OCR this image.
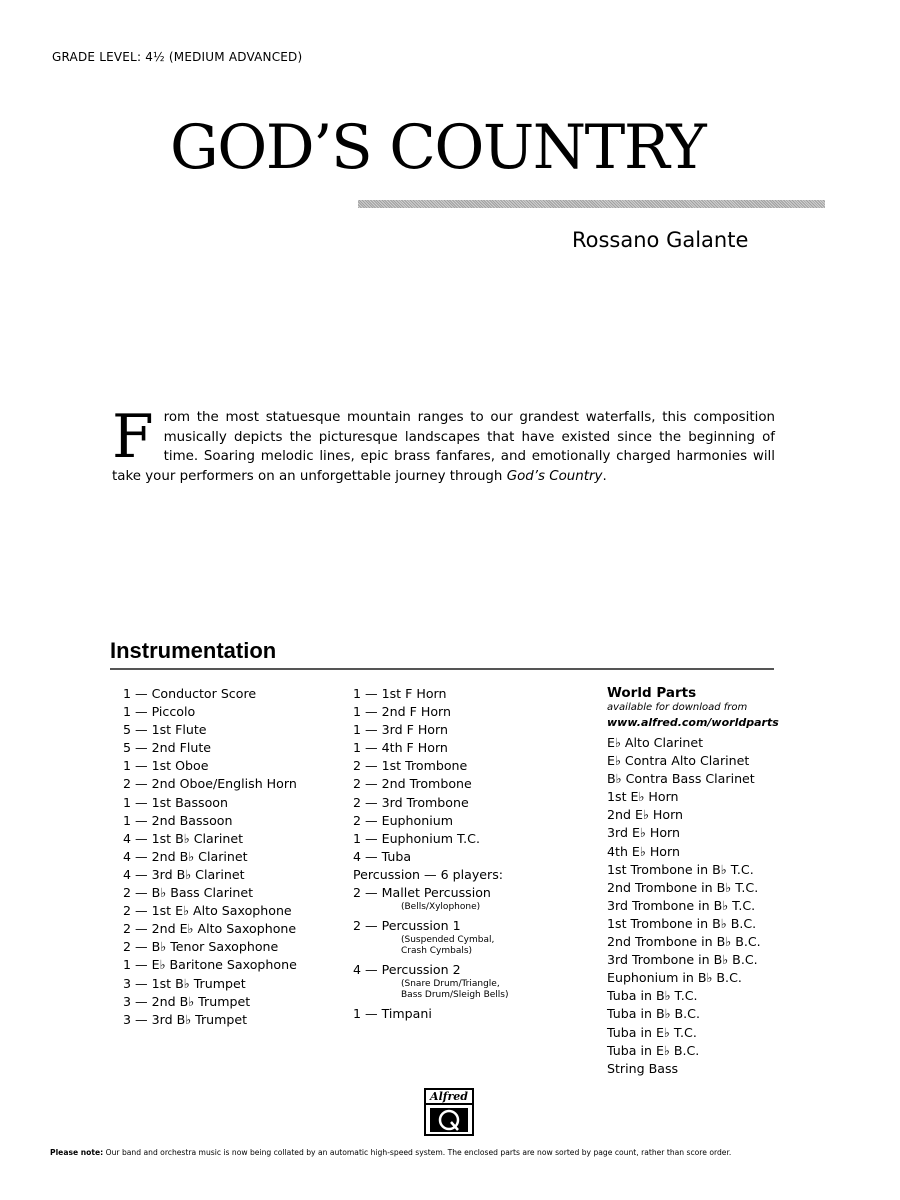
GRADE LEVEL: 4½ (MEDIUM ADVANCED)
GOD’S COUNTRY
Rossano Galante
From the most statuesque mountain ranges to our grandest waterfalls, this composition musically depicts the picturesque landscapes that have existed since the beginning of time. Soaring melodic lines, epic brass fanfares, and emotionally charged harmonies will take your performers on an unforgettable journey through God’s Country.
Instrumentation
1 — Conductor Score
1 — Piccolo
5 — 1st Flute
5 — 2nd Flute
1 — 1st Oboe
2 — 2nd Oboe/English Horn
1 — 1st Bassoon
1 — 2nd Bassoon
4 — 1st B♭ Clarinet
4 — 2nd B♭ Clarinet
4 — 3rd B♭ Clarinet
2 — B♭ Bass Clarinet
2 — 1st E♭ Alto Saxophone
2 — 2nd E♭ Alto Saxophone
2 — B♭ Tenor Saxophone
1 — E♭ Baritone Saxophone
3 — 1st B♭ Trumpet
3 — 2nd B♭ Trumpet
3 — 3rd B♭ Trumpet
1 — 1st F Horn
1 — 2nd F Horn
1 — 3rd F Horn
1 — 4th F Horn
2 — 1st Trombone
2 — 2nd Trombone
2 — 3rd Trombone
2 — Euphonium
1 — Euphonium T.C.
4 — Tuba
Percussion — 6 players:
2 — Mallet Percussion
(Bells/Xylophone)
2 — Percussion 1
(Suspended Cymbal, Crash Cymbals)
4 — Percussion 2
(Snare Drum/Triangle, Bass Drum/Sleigh Bells)
1 — Timpani
World Parts
available for download from
www.alfred.com/worldparts
E♭ Alto Clarinet
E♭ Contra Alto Clarinet
B♭ Contra Bass Clarinet
1st E♭ Horn
2nd E♭ Horn
3rd E♭ Horn
4th E♭ Horn
1st Trombone in B♭ T.C.
2nd Trombone in B♭ T.C.
3rd Trombone in B♭ T.C.
1st Trombone in B♭ B.C.
2nd Trombone in B♭ B.C.
3rd Trombone in B♭ B.C.
Euphonium in B♭ B.C.
Tuba in B♭ T.C.
Tuba in B♭ B.C.
Tuba in E♭ T.C.
Tuba in E♭ B.C.
String Bass
Alfred
Please note: Our band and orchestra music is now being collated by an automatic high-speed system. The enclosed parts are now sorted by page count, rather than score order.
